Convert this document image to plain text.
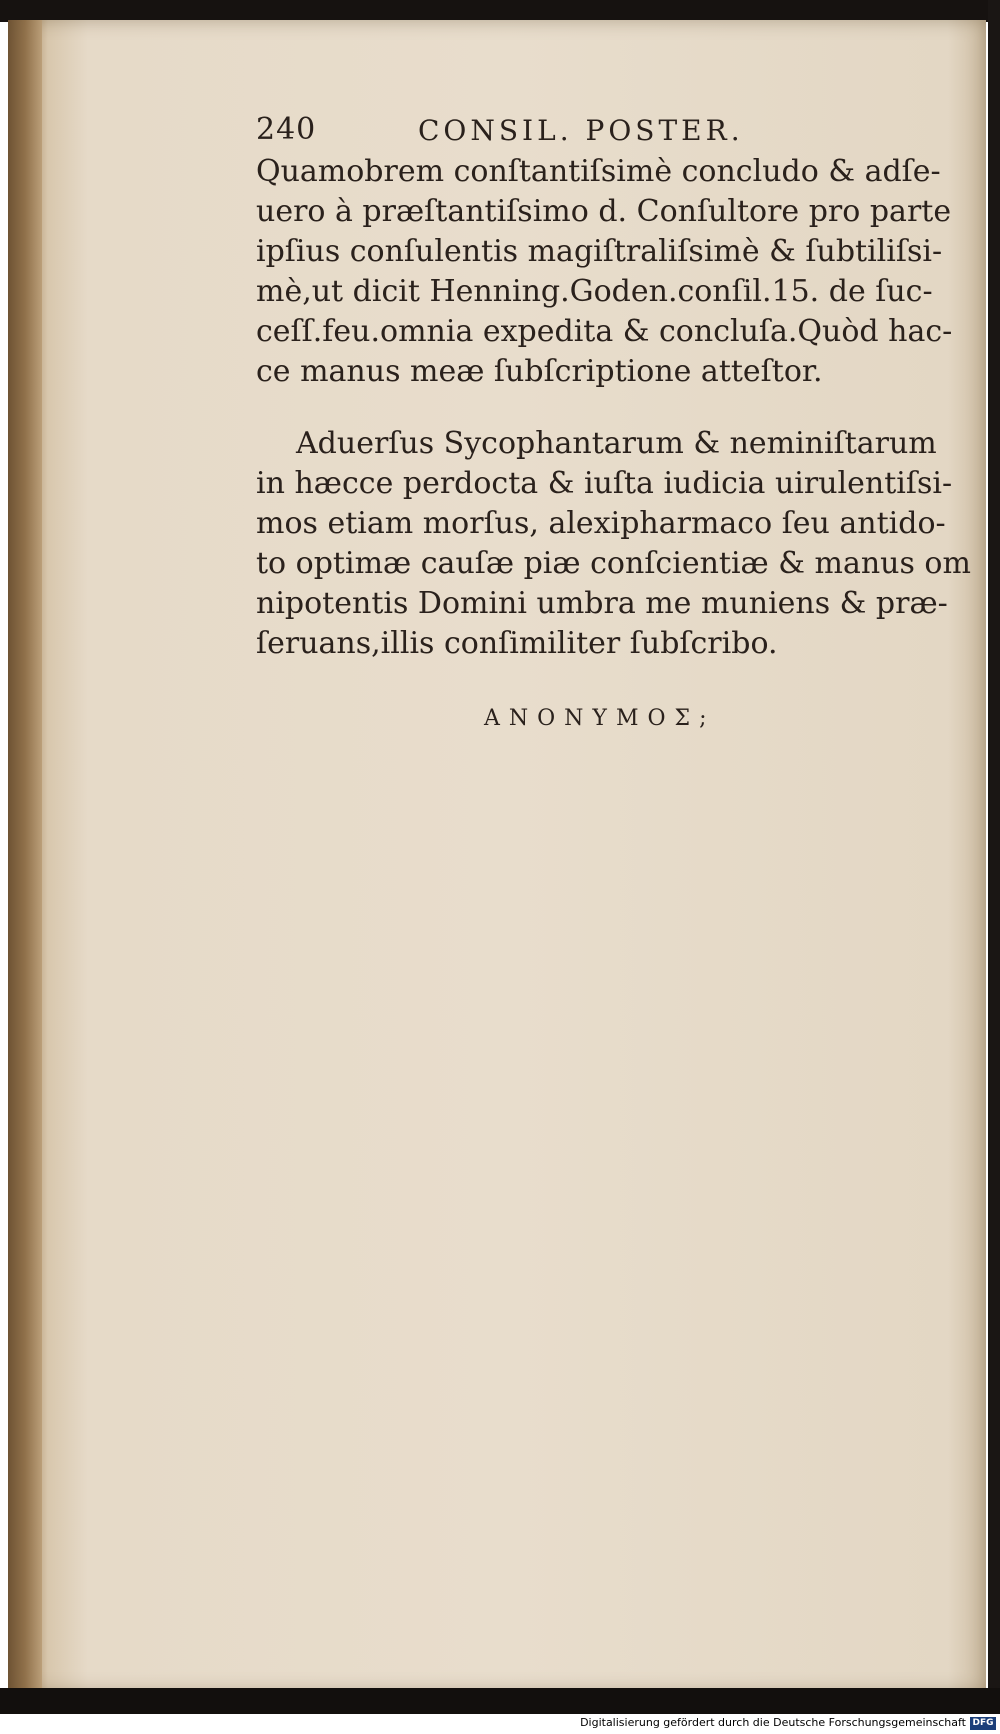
240	CONSIL. POSTER.
Quamobrem conſtantiſsimè concludo & adſe-
uero à præſtantiſsimo d. Conſultore pro parte
ipſius conſulentis magiſtraliſsimè & ſubtiliſsi-
mè,ut dicit Henning.Goden.conſil.15. de ſuc-
ceſſ.feu.omnia expedita & concluſa.Quòd hac-
ce manus meæ ſubſcriptione atteſtor.
Aduerſus Sycophantarum & neminiſtarum
in hæcce perdocta & iuſta iudicia uirulentiſsi-
mos etiam morſus, alexipharmaco ſeu antido-
to optimæ cauſæ piæ conſcientiæ & manus om
nipotentis Domini umbra me muniens & præ-
ſeruans,illis conſimiliter ſubſcribo.
ΑΝΟΝΥΜΟΣ;
Digitalisierung gefördert durch die Deutsche Forschungsgemeinschaft DFG
